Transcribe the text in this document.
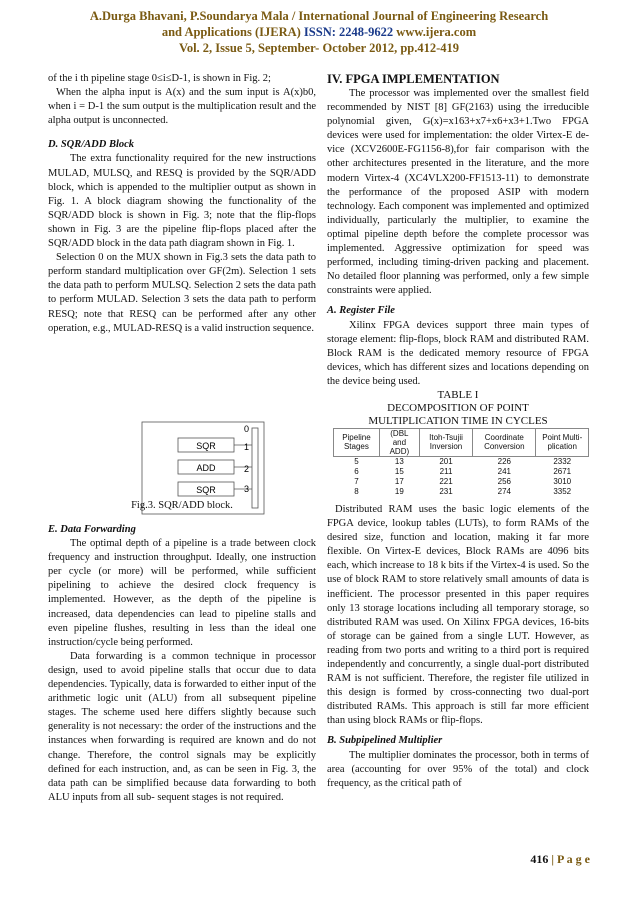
A.Durga Bhavani, P.Soundarya Mala / International Journal of Engineering Research
and Applications (IJERA) ISSN: 2248-9622 www.ijera.com
Vol. 2, Issue 5, September- October 2012, pp.412-419

of the i th pipeline stage 0≤i≤D-1, is shown in Fig. 2;

When the alpha input is A(x) and the sum input is A(x)b0, when i = D-1 the sum output is the multiplication result and the alpha output is unconnected.

D. SQR/ADD Block

The extra functionality required for the new instructions MULAD, MULSQ, and RESQ is provided by the SQR/ADD block, which is appended to the multiplier output as shown in Fig. 1. A block diagram showing the functionality of the SQR/ADD block is shown in Fig. 3; note that the flip-flops shown in Fig. 3 are the pipeline flip-flops placed after the SQR/ADD block in the data path diagram shown in Fig. 1.

Selection 0 on the MUX shown in Fig.3 sets the data path to perform standard multiplication over GF(2m). Selection 1 sets the data path to perform MULSQ. Selection 2 sets the data path to perform MULAD. Selection 3 sets the data path to perform RESQ; note that RESQ can be performed after any other operation, e.g., MULAD-RESQ is a valid instruction sequence.

SQR
ADD
SQR
0
1
2
3
Fig.3. SQR/ADD block.

E. Data Forwarding

The optimal depth of a pipeline is a trade between clock frequency and instruction throughput. Ideally, one instruction per cycle (or more) will be performed, while sufficient pipelining to achieve the desired clock frequency is implemented. However, as the depth of the pipeline is increased, data dependencies can lead to pipeline stalls and even pipeline flushes, resulting in less than the ideal one instruction/cycle being performed.

Data forwarding is a common technique in processor design, used to avoid pipeline stalls that occur due to data dependencies. Typically, data is forwarded to either input of the arithmetic logic unit (ALU) from all subsequent pipeline stages. The scheme used here differs slightly because such generality is not necessary: the order of the instructions and the instances when forwarding is required are known and do not change. Therefore, the control signals may be explicitly defined for each instruction, and, as can be seen in Fig. 3, the data path can be simplified because data forwarding to both ALU inputs from all sub- sequent stages is not required.

IV. FPGA IMPLEMENTATION

The processor was implemented over the smallest field recommended by NIST [8] GF(2163) using the irreducible polynomial given, G(x)=x163+x7+x6+x3+1.Two FPGA devices were used for implementation: the older Virtex-E de- vice (XCV2600E-FG1156-8),for fair comparison with the other architectures presented in the literature, and the more modern Virtex-4 (XC4VLX200-FF1513-11) to demonstrate the performance of the proposed ASIP with modern technology. Each component was implemented and optimized individually, particularly the multiplier, to examine the optimal pipeline depth before the complete processor was implemented. Aggressive optimization for speed was performed, including timing-driven packing and placement. No detailed floor planning was performed, only a few simple constraints were applied.

A. Register File

Xilinx FPGA devices support three main types of storage element: flip-flops, block RAM and distributed RAM. Block RAM is the dedicated memory resource of FPGA devices, which has different sizes and locations depending on the device being used.

TABLE I
DECOMPOSITION OF POINT
MULTIPLICATION TIME IN CYCLES
Pipeline Stages	(DBL and ADD)	Itoh-Tsujii Inversion	Coordinate Conversion	Point Multi- plication
5	13	201	226	2332
6	15	211	241	2671
7	17	221	256	3010
8	19	231	274	3352

Distributed RAM uses the basic logic elements of the FPGA device, lookup tables (LUTs), to form RAMs of the desired size, function and location, making it far more flexible. On Virtex-E devices, Block RAMs are 4096 bits each, which increase to 18 k bits if the Virtex-4 is used. So the use of block RAM to store relatively small amounts of data is inefficient. The processor presented in this paper requires only 13 storage locations including all temporary storage, so distributed RAM was used. On Xilinx FPGA devices, 16-bits of storage can be gained from a single LUT. However, as reading from two ports and writing to a third port is required independently and concurrently, a single dual-port distributed RAM is not sufficient. Therefore, the register file utilized in this design is formed by cross-connecting two dual-port distributed RAMs. This approach is still far more efficient than using block RAMs or flip-flops.

B. Subpipelined Multiplier

The multiplier dominates the processor, both in terms of area (accounting for over 95% of the total) and clock frequency, as the critical path of

416 | P a g e
